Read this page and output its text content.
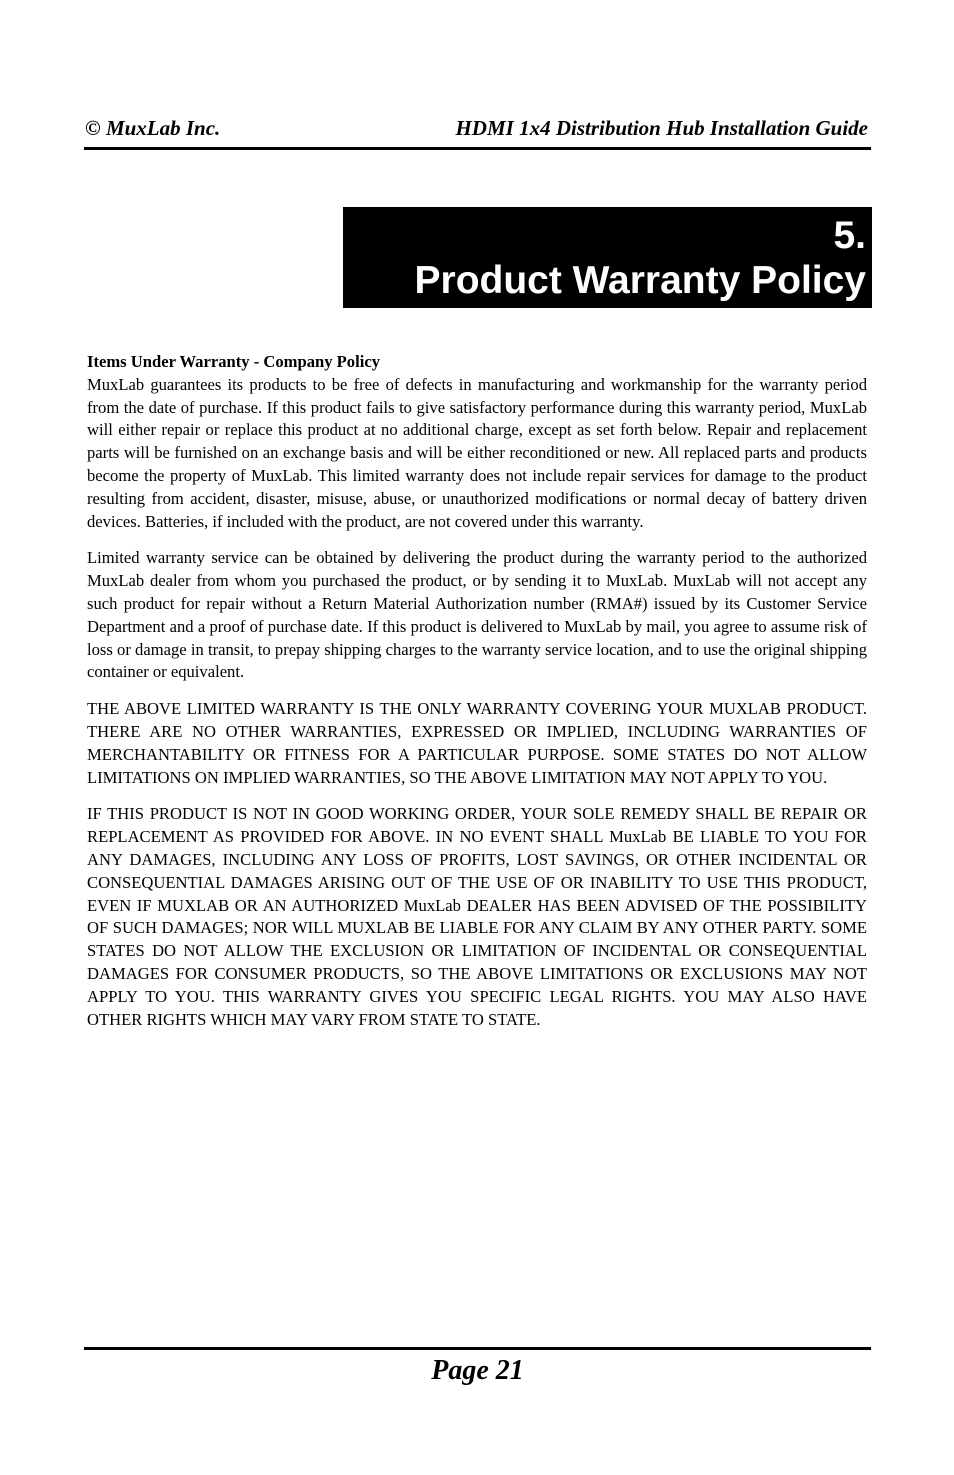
© MuxLab Inc.	HDMI 1x4 Distribution Hub Installation Guide
5.
Product Warranty Policy

Items Under Warranty - Company Policy

MuxLab guarantees its products to be free of defects in manufacturing and workmanship for the warranty period from the date of purchase. If this product fails to give satisfactory performance during this warranty period, MuxLab will either repair or replace this product at no additional charge, except as set forth below. Repair and replacement parts will be furnished on an exchange basis and will be either reconditioned or new. All replaced parts and products become the property of MuxLab. This limited warranty does not include repair services for damage to the product resulting from accident, disaster, misuse, abuse, or unauthorized modifications or normal decay of battery driven devices. Batteries, if included with the product, are not covered under this warranty.

Limited warranty service can be obtained by delivering the product during the warranty period to the authorized MuxLab dealer from whom you purchased the product, or by sending it to MuxLab. MuxLab will not accept any such product for repair without a Return Material Authorization number (RMA#) issued by its Customer Service Department and a proof of purchase date. If this product is delivered to MuxLab by mail, you agree to assume risk of loss or damage in transit, to prepay shipping charges to the warranty service location, and to use the original shipping container or equivalent.

THE ABOVE LIMITED WARRANTY IS THE ONLY WARRANTY COVERING YOUR MUXLAB PRODUCT. THERE ARE NO OTHER WARRANTIES, EXPRESSED OR IMPLIED, INCLUDING WARRANTIES OF MERCHANTABILITY OR FITNESS FOR A PARTICULAR PURPOSE. SOME STATES DO NOT ALLOW LIMITATIONS ON IMPLIED WARRANTIES, SO THE ABOVE LIMITATION MAY NOT APPLY TO YOU.

IF THIS PRODUCT IS NOT IN GOOD WORKING ORDER, YOUR SOLE REMEDY SHALL BE REPAIR OR REPLACEMENT AS PROVIDED FOR ABOVE. IN NO EVENT SHALL MuxLab BE LIABLE TO YOU FOR ANY DAMAGES, INCLUDING ANY LOSS OF PROFITS, LOST SAVINGS, OR OTHER INCIDENTAL OR CONSEQUENTIAL DAMAGES ARISING OUT OF THE USE OF OR INABILITY TO USE THIS PRODUCT, EVEN IF MUXLAB OR AN AUTHORIZED MuxLab DEALER HAS BEEN ADVISED OF THE POSSIBILITY OF SUCH DAMAGES; NOR WILL MUXLAB BE LIABLE FOR ANY CLAIM BY ANY OTHER PARTY. SOME STATES DO NOT ALLOW THE EXCLUSION OR LIMITATION OF INCIDENTAL OR CONSEQUENTIAL DAMAGES FOR CONSUMER PRODUCTS, SO THE ABOVE LIMITATIONS OR EXCLUSIONS MAY NOT APPLY TO YOU. THIS WARRANTY GIVES YOU SPECIFIC LEGAL RIGHTS. YOU MAY ALSO HAVE OTHER RIGHTS WHICH MAY VARY FROM STATE TO STATE.

Page 21
